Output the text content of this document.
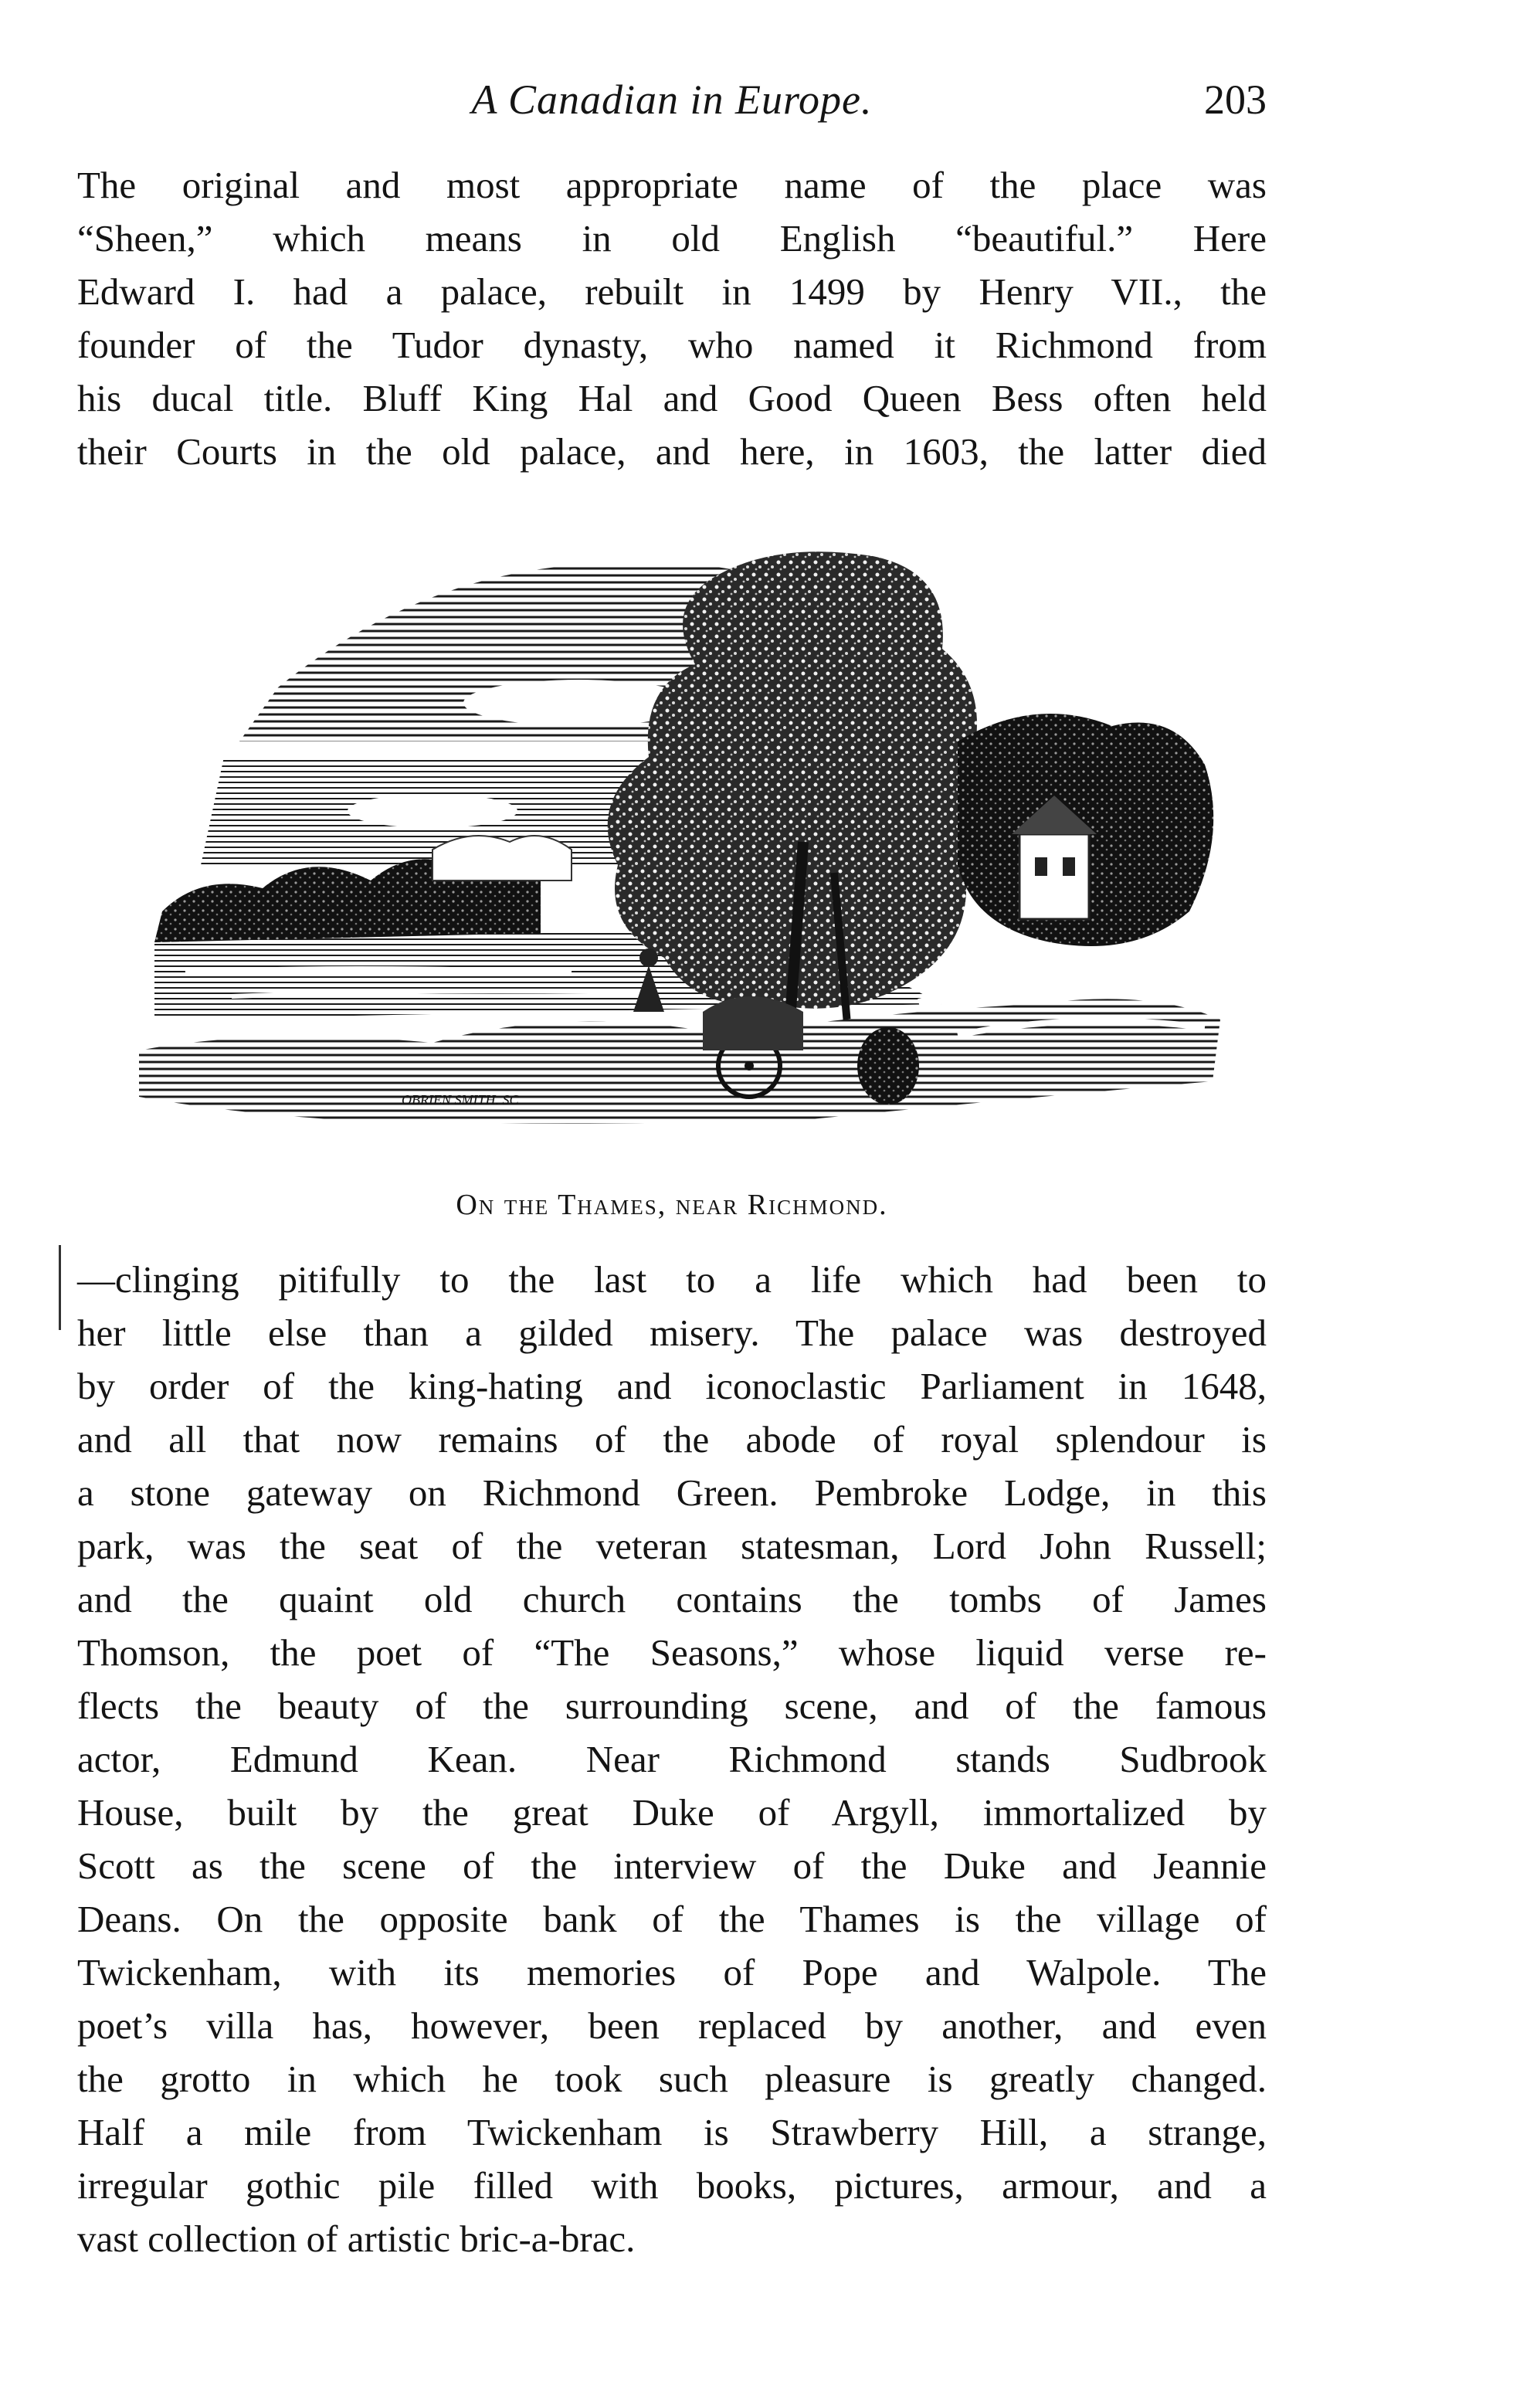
A Canadian in Europe.	203
The original and most appropriate name of the place was
“Sheen,” which means in old English “beautiful.” Here
Edward I. had a palace, rebuilt in 1499 by Henry VII., the
founder of the Tudor dynasty, who named it Richmond from
his ducal title. Bluff King Hal and Good Queen Bess often held
their Courts in the old palace, and here, in 1603, the latter died
OBRIEN SMITH. SC
On the Thames, near Richmond.
—clinging pitifully to the last to a life which had been to
her little else than a gilded misery. The palace was destroyed
by order of the king-hating and iconoclastic Parliament in 1648,
and all that now remains of the abode of royal splendour is
a stone gateway on Richmond Green. Pembroke Lodge, in this
park, was the seat of the veteran statesman, Lord John Russell;
and the quaint old church contains the tombs of James
Thomson, the poet of “The Seasons,” whose liquid verse re-
flects the beauty of the surrounding scene, and of the famous
actor, Edmund Kean. Near Richmond stands Sudbrook
House, built by the great Duke of Argyll, immortalized by
Scott as the scene of the interview of the Duke and Jeannie
Deans. On the opposite bank of the Thames is the village of
Twickenham, with its memories of Pope and Walpole. The
poet’s villa has, however, been replaced by another, and even
the grotto in which he took such pleasure is greatly changed.
Half a mile from Twickenham is Strawberry Hill, a strange,
irregular gothic pile filled with books, pictures, armour, and a
vast collection of artistic bric-a-brac.
